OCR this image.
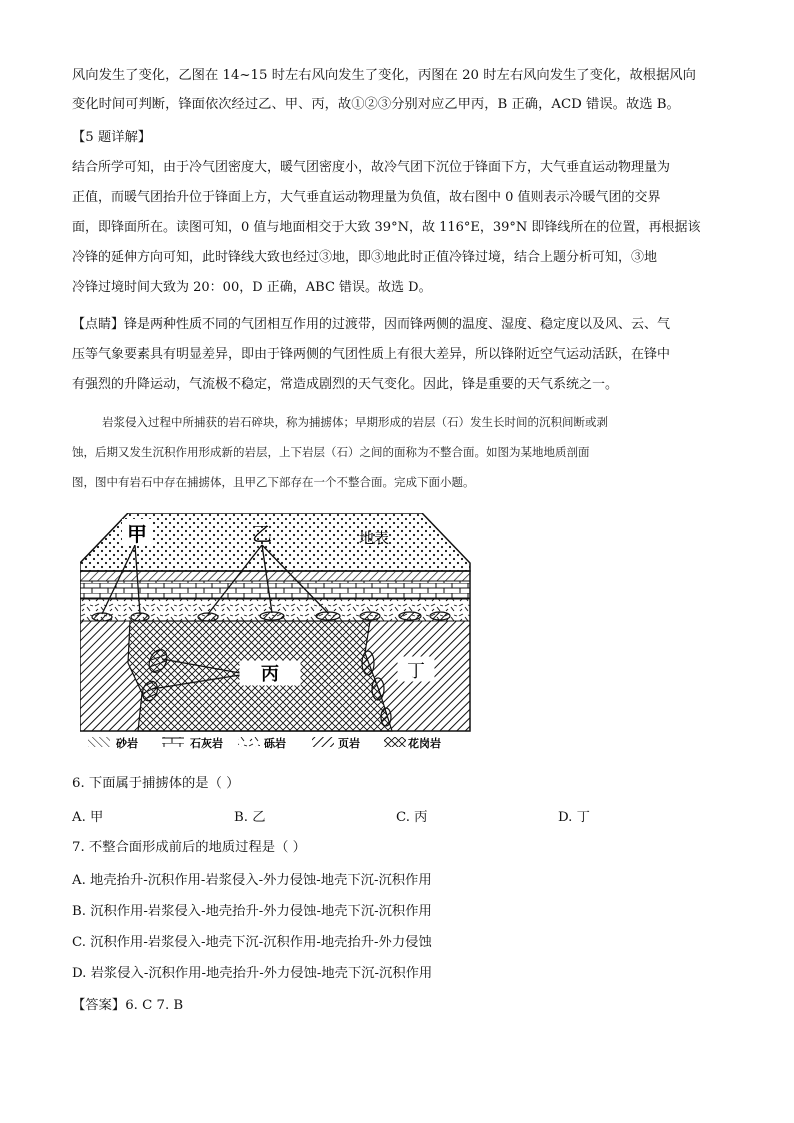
风向发生了变化，乙图在 14~15 时左右风向发生了变化，丙图在 20 时左右风向发生了变化，故根据风向

变化时间可判断，锋面依次经过乙、甲、丙，故①②③分别对应乙甲丙，B 正确，ACD 错误。故选 B。

【5 题详解】

结合所学可知，由于冷气团密度大，暖气团密度小，故冷气团下沉位于锋面下方，大气垂直运动物理量为

正值，而暖气团抬升位于锋面上方，大气垂直运动物理量为负值，故右图中 0 值则表示冷暖气团的交界

面，即锋面所在。读图可知，0 值与地面相交于大致 39°N，故 116°E，39°N 即锋线所在的位置，再根据该

冷锋的延伸方向可知，此时锋线大致也经过③地，即③地此时正值冷锋过境，结合上题分析可知，③地

冷锋过境时间大致为 20：00，D 正确，ABC 错误。故选 D。

【点睛】锋是两种性质不同的气团相互作用的过渡带，因而锋两侧的温度、湿度、稳定度以及风、云、气

压等气象要素具有明显差异，即由于锋两侧的气团性质上有很大差异，所以锋附近空气运动活跃，在锋中

有强烈的升降运动，气流极不稳定，常造成剧烈的天气变化。因此，锋是重要的天气系统之一。

岩浆侵入过程中所捕获的岩石碎块，称为捕掳体；早期形成的岩层（石）发生长时间的沉积间断或剥

蚀，后期又发生沉积作用形成新的岩层，上下岩层（石）之间的面称为不整合面。如图为某地地质剖面

图，图中有岩石中存在捕掳体，且甲乙下部存在一个不整合面。完成下面小题。

甲	乙	地表
丙	丁
砂岩	石灰岩	砾岩	页岩	花岗岩

6. 下面属于捕掳体的是（ ）

A. 甲	B. 乙	C. 丙	D. 丁

7. 不整合面形成前后的地质过程是（ ）

A. 地壳抬升-沉积作用-岩浆侵入-外力侵蚀-地壳下沉-沉积作用
B. 沉积作用-岩浆侵入-地壳抬升-外力侵蚀-地壳下沉-沉积作用
C. 沉积作用-岩浆侵入-地壳下沉-沉积作用-地壳抬升-外力侵蚀
D. 岩浆侵入-沉积作用-地壳抬升-外力侵蚀-地壳下沉-沉积作用
【答案】6. C 7. B
